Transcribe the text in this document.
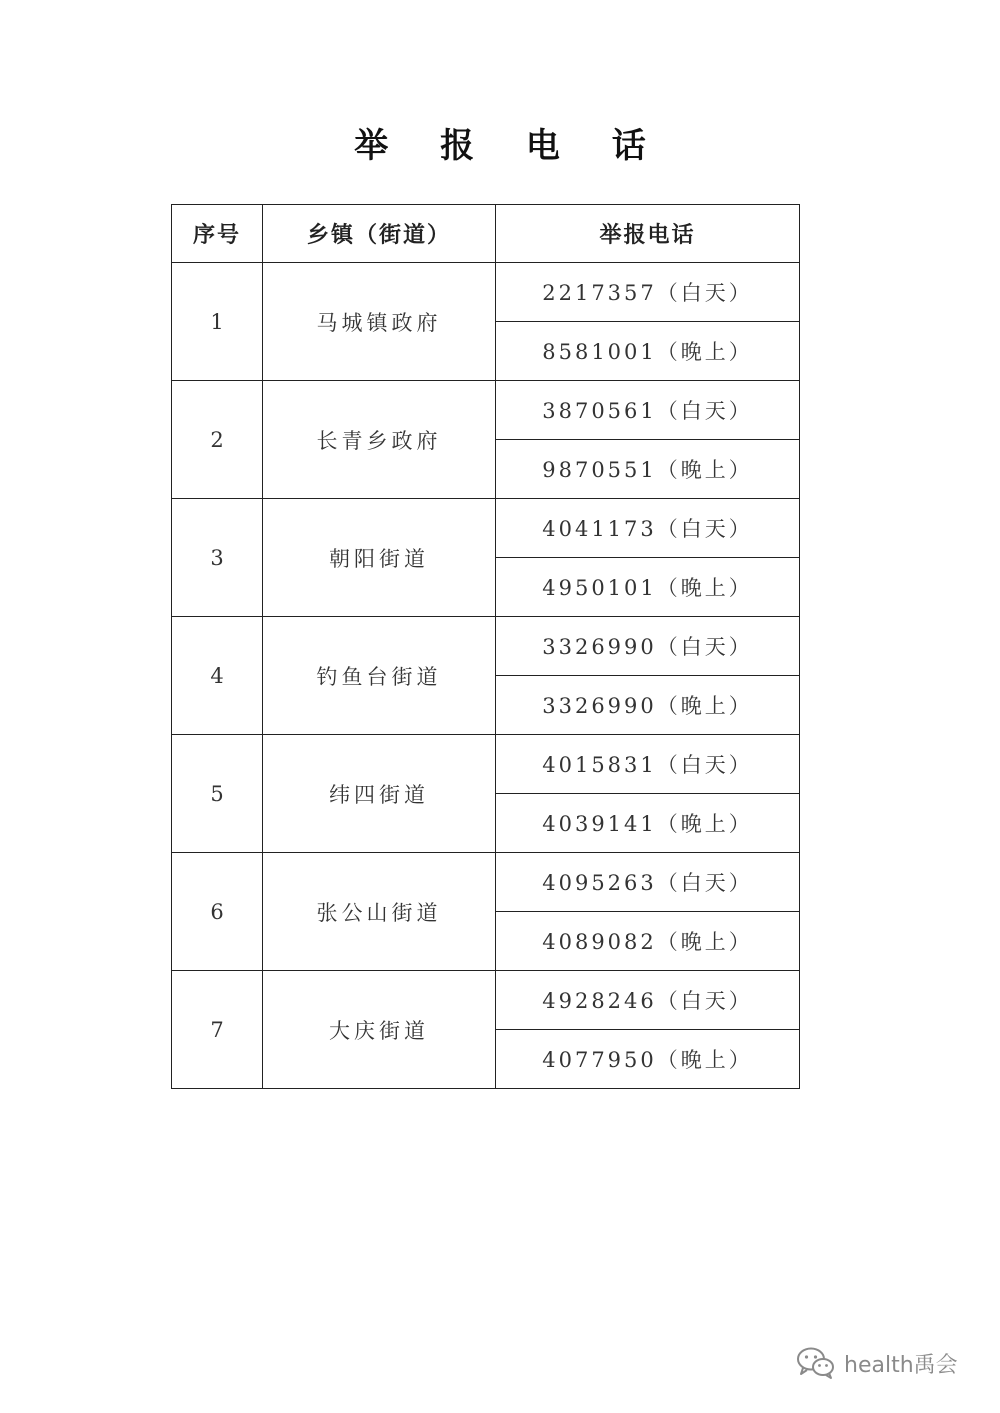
举 报 电 话
序号	乡镇（街道）	举报电话
1	马城镇政府	2217357（白天）
		8581001（晚上）
2	长青乡政府	3870561（白天）
		9870551（晚上）
3	朝阳街道	4041173（白天）
		4950101（晚上）
4	钓鱼台街道	3326990（白天）
		3326990（晚上）
5	纬四街道	4015831（白天）
		4039141（晚上）
6	张公山街道	4095263（白天）
		4089082（晚上）
7	大庆街道	4928246（白天）
		4077950（晚上）
health禹会
